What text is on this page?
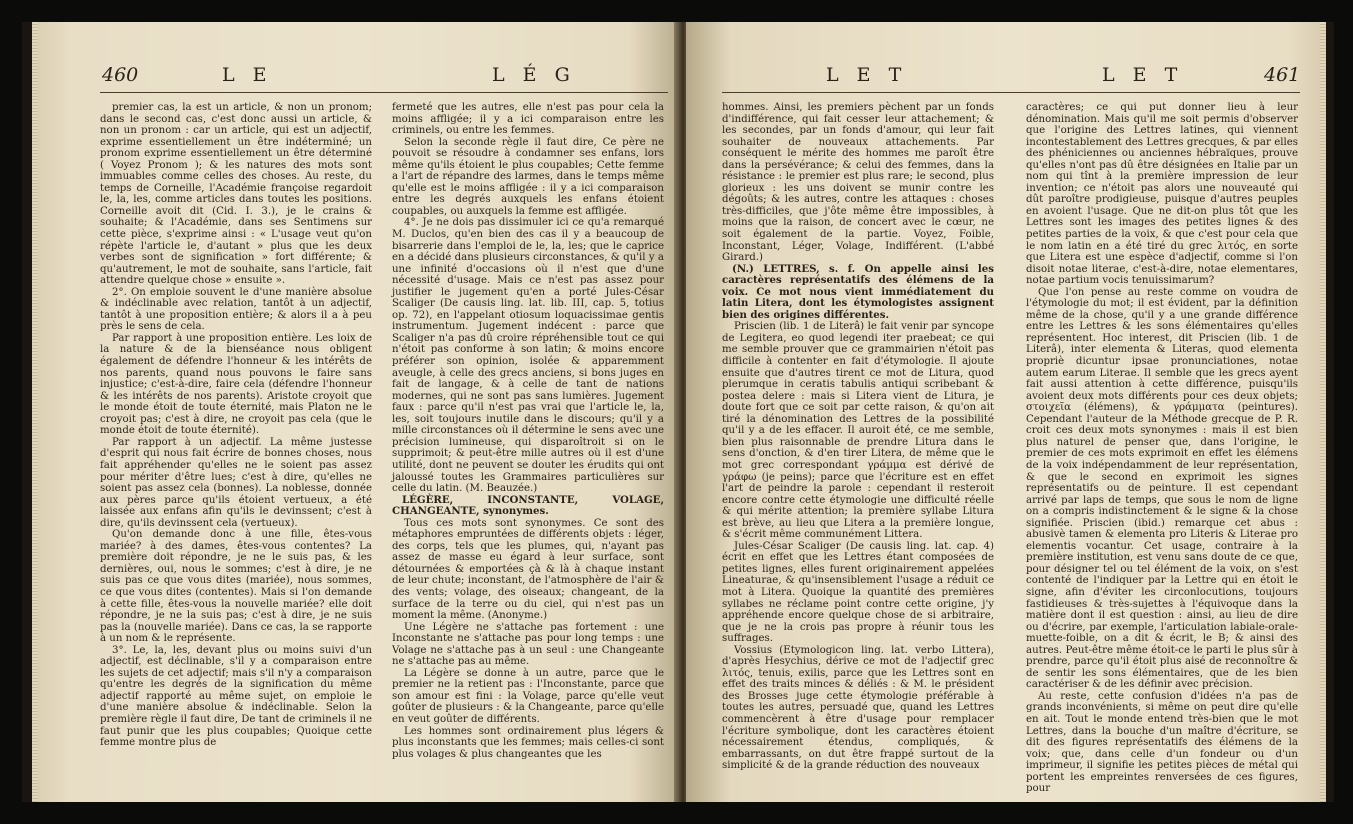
460	L E	L É G

premier cas, la est un article, & non un pronom; dans le second cas, c'est donc aussi un article, & non un pronom : car un article, qui est un adjectif, exprime essentiellement un être indéterminé; un pronom exprime essentiellement un être déterminé ( Voyez Pronom ); & les natures des mots sont immuables comme celles des choses. Au reste, du temps de Corneille, l'Académie françoise regardoit le, la, les, comme articles dans toutes les positions. Corneille avoit dit (Cid. I. 3.), je le crains & souhaite; & l'Académie, dans ses Sentimens sur cette pièce, s'exprime ainsi : « L'usage veut qu'on répète l'article le, d'autant » plus que les deux verbes sont de signification » fort différente; & qu'autrement, le mot de souhaite, sans l'article, fait attendre quelque chose » ensuite ».

2°. On emploie souvent le d'une manière absolue & indéclinable avec relation, tantôt à un adjectif, tantôt à une proposition entière; & alors il a à peu près le sens de cela.

Par rapport à une proposition entière. Les loix de la nature & de la bienséance nous obligent également de défendre l'honneur & les intérêts de nos parents, quand nous pouvons le faire sans injustice; c'est-à-dire, faire cela (défendre l'honneur & les intérêts de nos parents). Aristote croyoit que le monde étoit de toute éternité, mais Platon ne le croyoit pas; c'est à dire, ne croyoit pas cela (que le monde étoit de toute éternité).

Par rapport à un adjectif. La même justesse d'esprit qui nous fait écrire de bonnes choses, nous fait appréhender qu'elles ne le soient pas assez pour mériter d'être lues; c'est à dire, qu'elles ne soient pas assez cela (bonnes). La noblesse, donnée aux pères parce qu'ils étoient vertueux, a été laissée aux enfans afin qu'ils le devinssent; c'est à dire, qu'ils devinssent cela (vertueux).

Qu'on demande donc à une fille, êtes-vous mariée? à des dames, êtes-vous contentes? La première doit répondre, je ne le suis pas, & les dernières, oui, nous le sommes; c'est à dire, je ne suis pas ce que vous dites (mariée), nous sommes, ce que vous dites (contentes). Mais si l'on demande à cette fille, êtes-vous la nouvelle mariée? elle doit répondre, je ne la suis pas; c'est à dire, je ne suis pas la (nouvelle mariée). Dans ce cas, la se rapporte à un nom & le représente.

3°. Le, la, les, devant plus ou moins suivi d'un adjectif, est déclinable, s'il y a comparaison entre les sujets de cet adjectif; mais s'il n'y a comparaison qu'entre les degrés de la signification du même adjectif rapporté au même sujet, on emploie le d'une manière absolue & indéclinable. Selon la première règle il faut dire, De tant de criminels il ne faut punir que les plus coupables; Quoique cette femme montre plus de

fermeté que les autres, elle n'est pas pour cela la moins affligée; il y a ici comparaison entre les criminels, ou entre les femmes.

Selon la seconde règle il faut dire, Ce père ne pouvoit se résoudre à condamner ses enfans, lors même qu'ils étoient le plus coupables; Cette femme a l'art de répandre des larmes, dans le temps même qu'elle est le moins affligée : il y a ici comparaison entre les degrés auxquels les enfans étoient coupables, ou auxquels la femme est affligée.

4°. Je ne dois pas dissimuler ici ce qu'a remarqué M. Duclos, qu'en bien des cas il y a beaucoup de bisarrerie dans l'emploi de le, la, les; que le caprice en a décidé dans plusieurs circonstances, & qu'il y a une infinité d'occasions où il n'est que d'une nécessité d'usage. Mais ce n'est pas assez pour justifier le jugement qu'en a porté Jules-César Scaliger (De causis ling. lat. lib. III, cap. 5, totius op. 72), en l'appelant otiosum loquacissimae gentis instrumentum. Jugement indécent : parce que Scaliger n'a pas dû croire répréhensible tout ce qui n'étoit pas conforme à son latin; & moins encore préférer son opinion, isolée & apparemment aveugle, à celle des grecs anciens, si bons juges en fait de langage, & à celle de tant de nations modernes, qui ne sont pas sans lumières. Jugement faux : parce qu'il n'est pas vrai que l'article le, la, les, soit toujours inutile dans le discours; qu'il y a mille circonstances où il détermine le sens avec une précision lumineuse, qui disparoîtroit si on le supprimoit; & peut-être mille autres où il est d'une utilité, dont ne peuvent se douter les érudits qui ont jaloussé toutes les Grammaires particulières sur celle du latin. (M. Beauzée.)

LÉGÈRE, INCONSTANTE, VOLAGE, CHANGEANTE, synonymes.

Tous ces mots sont synonymes. Ce sont des métaphores empruntées de différents objets : léger, des corps, tels que les plumes, qui, n'ayant pas assez de masse eu égard à leur surface, sont détournées & emportées çà & là à chaque instant de leur chute; inconstant, de l'atmosphère de l'air & des vents; volage, des oiseaux; changeant, de la surface de la terre ou du ciel, qui n'est pas un moment la même. (Anonyme.)

Une Légère ne s'attache pas fortement : une Inconstante ne s'attache pas pour long temps : une Volage ne s'attache pas à un seul : une Changeante ne s'attache pas au même.

La Légère se donne à un autre, parce que le premier ne la retient pas : l'Inconstante, parce que son amour est fini : la Volage, parce qu'elle veut goûter de plusieurs : & la Changeante, parce qu'elle en veut goûter de différents.

Les hommes sont ordinairement plus légers & plus inconstants que les femmes; mais celles-ci sont plus volages & plus changeantes que les

L E T	L E T	461

hommes. Ainsi, les premiers pèchent par un fonds d'indifférence, qui fait cesser leur attachement; & les secondes, par un fonds d'amour, qui leur fait souhaiter de nouveaux attachements. Par conséquent le mérite des hommes me paroît être dans la persévérance; & celui des femmes, dans la résistance : le premier est plus rare; le second, plus glorieux : les uns doivent se munir contre les dégoûts; & les autres, contre les attaques : choses très-difficiles, que j'ôte même être impossibles, à moins que la raison, de concert avec le cœur, ne soit également de la partie. Voyez, Foible, Inconstant, Léger, Volage, Indifférent. (L'abbé Girard.)

(N.) LETTRES, s. f. On appelle ainsi les caractères représentatifs des élémens de la voix. Ce mot nous vient immédiatement du latin Litera, dont les étymologistes assignent bien des origines différentes.

Priscien (lib. 1 de Literâ) le fait venir par syncope de Legitera, eo quod legendi iter praebeat; ce qui me semble prouver que ce grammairien n'étoit pas difficile à contenter en fait d'étymologie. Il ajoute ensuite que d'autres tirent ce mot de Litura, quod plerumque in ceratis tabulis antiqui scribebant & postea delere : mais si Litera vient de Litura, je doute fort que ce soit par cette raison, & qu'on ait tiré la dénomination des Lettres de la possibilité qu'il y a de les effacer. Il auroit été, ce me semble, bien plus raisonnable de prendre Litura dans le sens d'onction, & d'en tirer Litera, de même que le mot grec correspondant γράμμα est dérivé de γράφω (je peins); parce que l'écriture est en effet l'art de peindre la parole : cependant il resteroit encore contre cette étymologie une difficulté réelle & qui mérite attention; la première syllabe Litura est brève, au lieu que Litera a la première longue, & s'écrit même communément Littera.

Jules-César Scaliger (De causis ling. lat. cap. 4) écrit en effet que les Lettres étant composées de petites lignes, elles furent originairement appelées Lineaturae, & qu'insensiblement l'usage a réduit ce mot à Litera. Quoique la quantité des premières syllabes ne réclame point contre cette origine, j'y appréhende encore quelque chose de si arbitraire, que je ne la crois pas propre à réunir tous les suffrages.

Vossius (Etymologicon ling. lat. verbo Littera), d'après Hesychius, dérive ce mot de l'adjectif grec λιτός, tenuis, exilis, parce que les Lettres sont en effet des traits minces & déliés : & M. le président des Brosses juge cette étymologie préférable à toutes les autres, persuadé que, quand les Lettres commencèrent à être d'usage pour remplacer l'écriture symbolique, dont les caractères étoient nécessairement étendus, compliqués, & embarrassants, on dut être frappé surtout de la simplicité & de la grande réduction des nouveaux

caractères; ce qui put donner lieu à leur dénomination. Mais qu'il me soit permis d'observer que l'origine des Lettres latines, qui viennent incontestablement des Lettres grecques, & par elles des phéniciennes ou anciennes hébraïques, prouve qu'elles n'ont pas dû être désignées en Italie par un nom qui tînt à la première impression de leur invention; ce n'étoit pas alors une nouveauté qui dût paroître prodigieuse, puisque d'autres peuples en avoient l'usage. Que ne dit-on plus tôt que les Lettres sont les images des petites lignes & des petites parties de la voix, & que c'est pour cela que le nom latin en a été tiré du grec λιτός, en sorte que Litera est une espèce d'adjectif, comme si l'on disoit notae literae, c'est-à-dire, notae elementares, notae partium vocis tenuissimarum?

Que l'on pense au reste comme on voudra de l'étymologie du mot; il est évident, par la définition même de la chose, qu'il y a une grande différence entre les Lettres & les sons élémentaires qu'elles représentent. Hoc interest, dit Priscien (lib. 1 de Literâ), inter elementa & Literas, quod elementa propriè dicuntur ipsae pronunciationes, notae autem earum Literae. Il semble que les grecs ayent fait aussi attention à cette différence, puisqu'ils avoient deux mots différents pour ces deux objets; στοιχεῖα (élémens), & γράμματα (peintures). Cependant l'auteur de la Méthode grecque de P. R. croit ces deux mots synonymes : mais il est bien plus naturel de penser que, dans l'origine, le premier de ces mots exprimoit en effet les élémens de la voix indépendamment de leur représentation, & que le second en exprimoit les signes représentatifs ou de peinture. Il est cependant arrivé par laps de temps, que sous le nom de ligne on a compris indistinctement & le signe & la chose signifiée. Priscien (ibid.) remarque cet abus : abusivè tamen & elementa pro Literis & Literae pro elementis vocantur. Cet usage, contraire à la première institution, est venu sans doute de ce que, pour désigner tel ou tel élément de la voix, on s'est contenté de l'indiquer par la Lettre qui en étoit le signe, afin d'éviter les circonlocutions, toujours fastidieuses & très-sujettes à l'équivoque dans la matière dont il est question : ainsi, au lieu de dire ou d'écrire, par exemple, l'articulation labiale-orale-muette-foible, on a dit & écrit, le B; & ainsi des autres. Peut-être même étoit-ce le parti le plus sûr à prendre, parce qu'il étoit plus aisé de reconnoître & de sentir les sons élémentaires, que de les bien caractériser & de les définir avec précision.

Au reste, cette confusion d'idées n'a pas de grands inconvénients, si même on peut dire qu'elle en ait. Tout le monde entend très-bien que le mot Lettres, dans la bouche d'un maître d'écriture, se dit des figures représentatifs des élémens de la voix; que, dans celle d'un fondeur ou d'un imprimeur, il signifie les petites pièces de métal qui portent les empreintes renversées de ces figures, pour
